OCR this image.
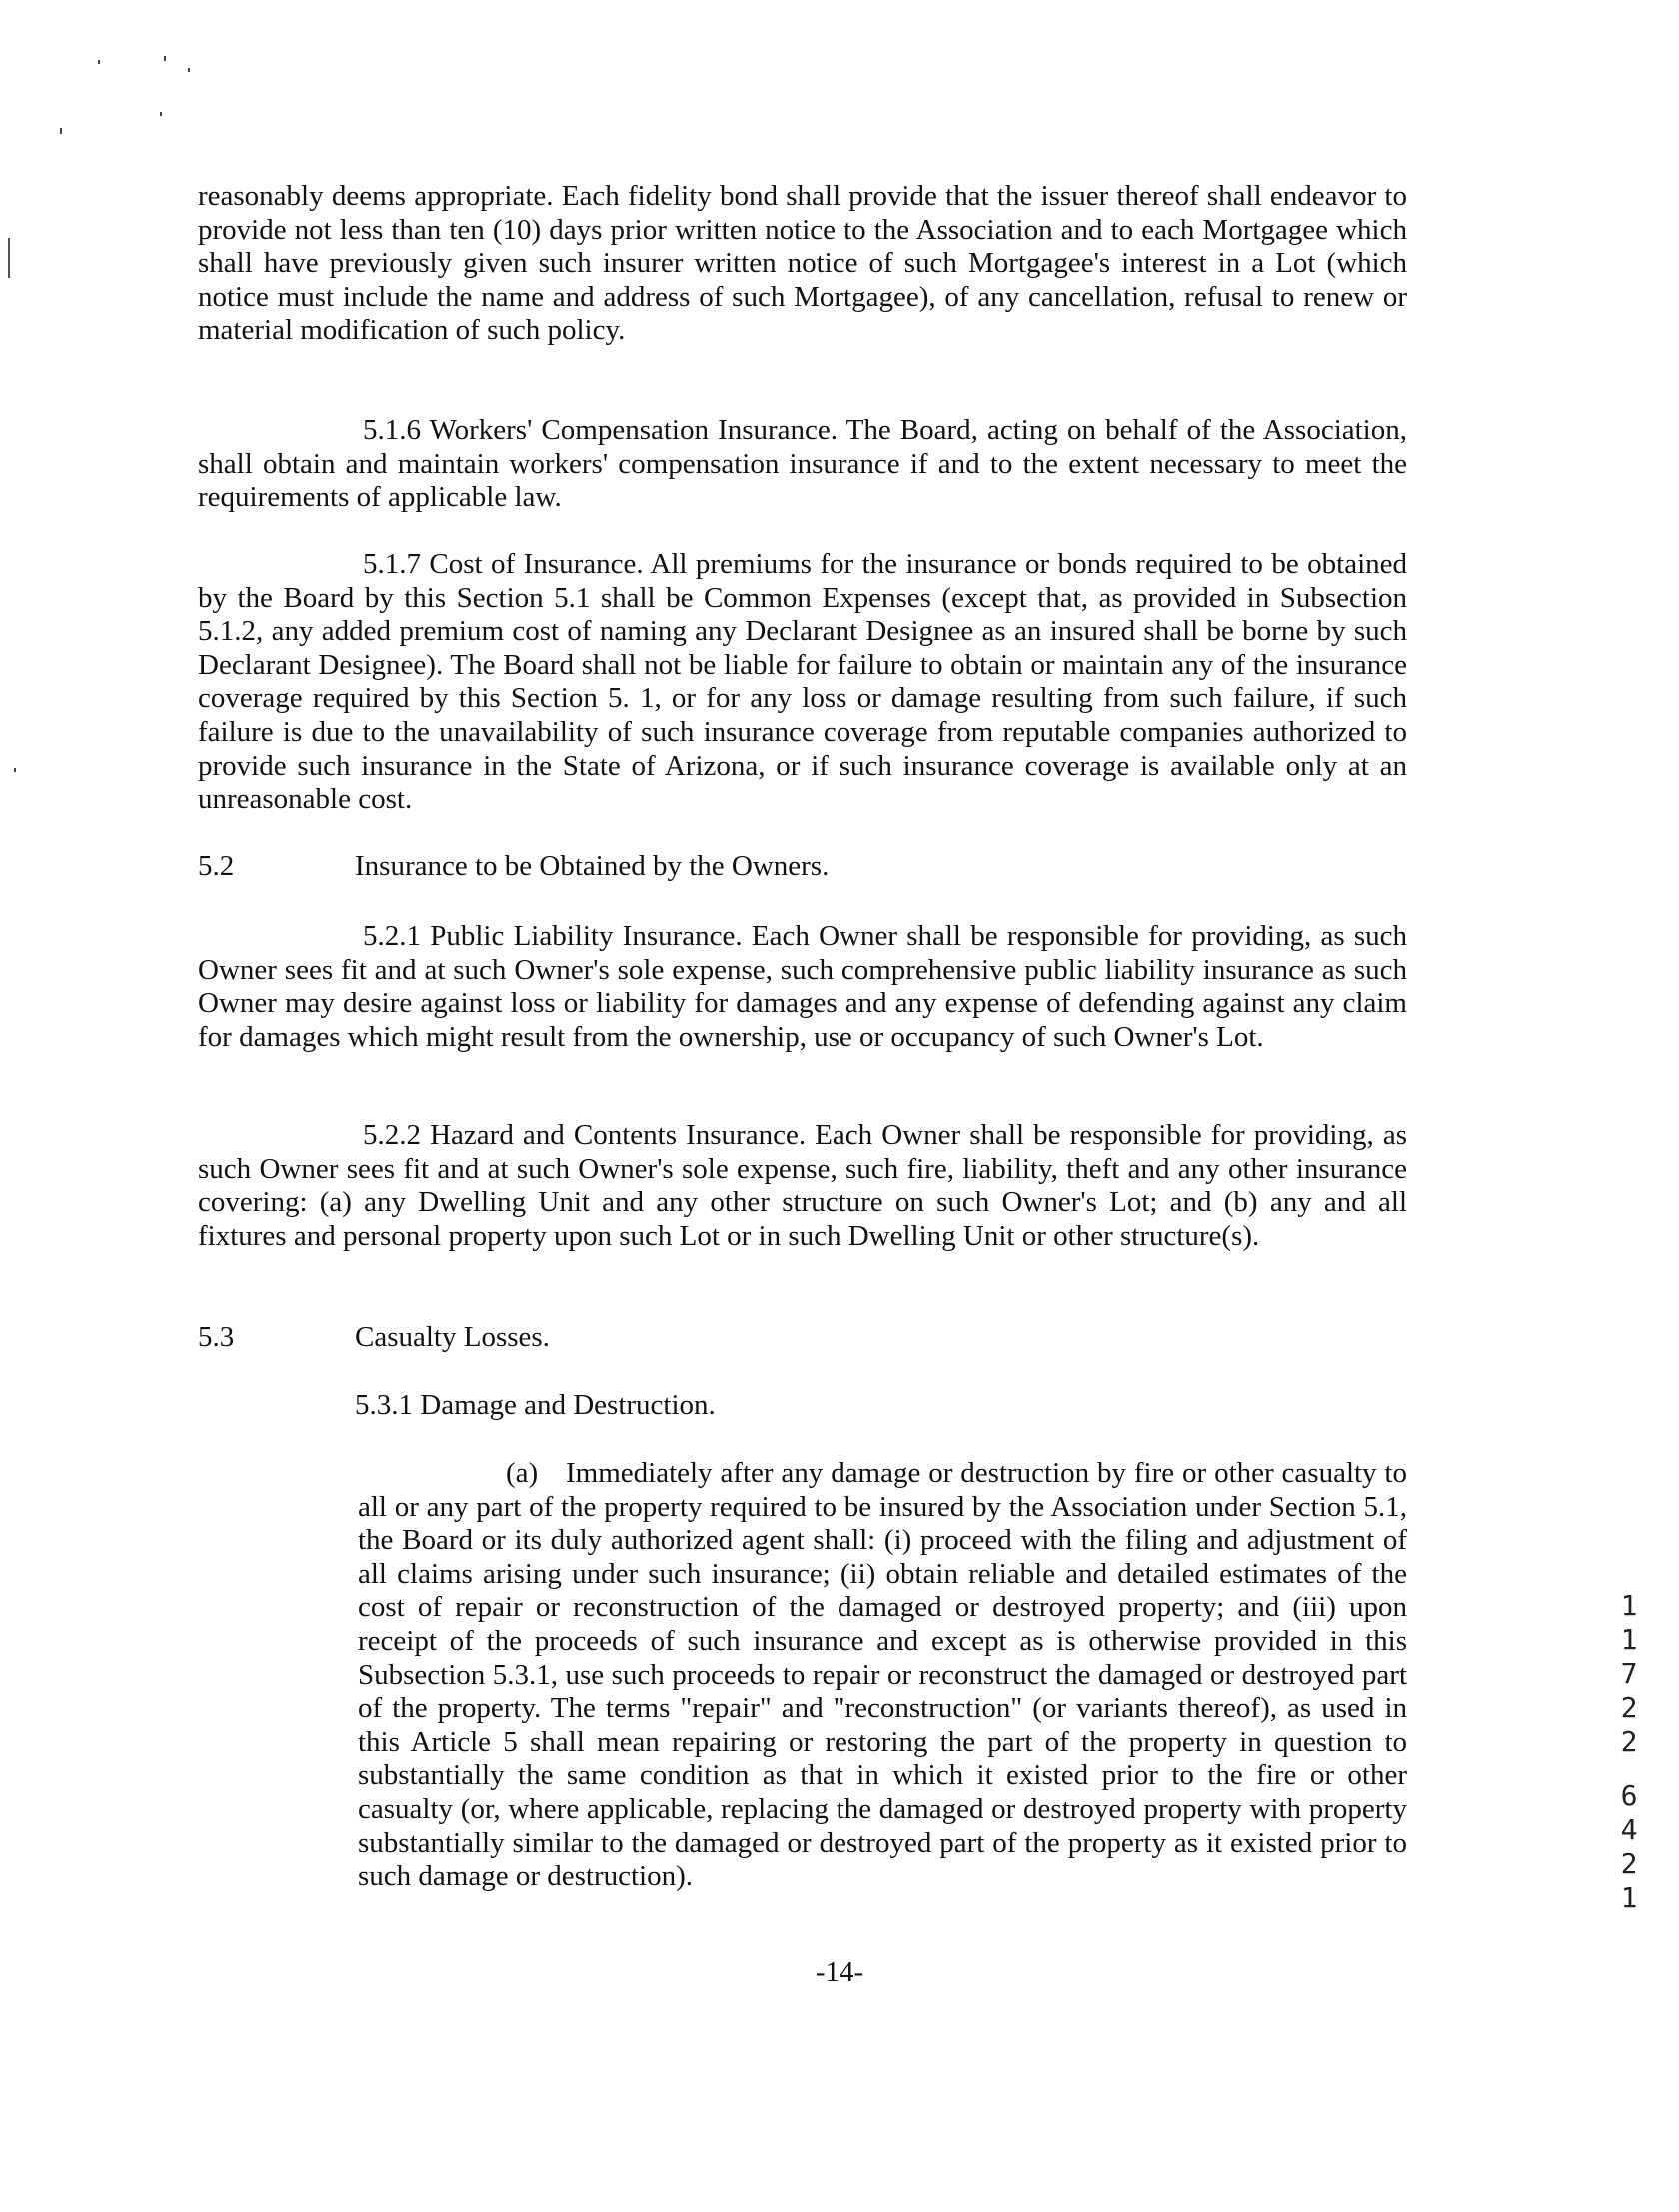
reasonably deems appropriate. Each fidelity bond shall provide that the issuer thereof shall endeavor to provide not less than ten (10) days prior written notice to the Association and to each Mortgagee which shall have previously given such insurer written notice of such Mortgagee's interest in a Lot (which notice must include the name and address of such Mortgagee), of any cancellation, refusal to renew or material modification of such policy.

5.1.6 Workers' Compensation Insurance. The Board, acting on behalf of the Association, shall obtain and maintain workers' compensation insurance if and to the extent necessary to meet the requirements of applicable law.

5.1.7 Cost of Insurance. All premiums for the insurance or bonds required to be obtained by the Board by this Section 5.1 shall be Common Expenses (except that, as provided in Subsection 5.1.2, any added premium cost of naming any Declarant Designee as an insured shall be borne by such Declarant Designee). The Board shall not be liable for failure to obtain or maintain any of the insurance coverage required by this Section 5. 1, or for any loss or damage resulting from such failure, if such failure is due to the unavailability of such insurance coverage from reputable companies authorized to provide such insurance in the State of Arizona, or if such insurance coverage is available only at an unreasonable cost.

5.2	Insurance to be Obtained by the Owners.

5.2.1 Public Liability Insurance. Each Owner shall be responsible for providing, as such Owner sees fit and at such Owner's sole expense, such comprehensive public liability insurance as such Owner may desire against loss or liability for damages and any expense of defending against any claim for damages which might result from the ownership, use or occupancy of such Owner's Lot.

5.2.2 Hazard and Contents Insurance. Each Owner shall be responsible for providing, as such Owner sees fit and at such Owner's sole expense, such fire, liability, theft and any other insurance covering: (a) any Dwelling Unit and any other structure on such Owner's Lot; and (b) any and all fixtures and personal property upon such Lot or in such Dwelling Unit or other structure(s).

5.3	Casualty Losses.
5.3.1 Damage and Destruction.

(a) Immediately after any damage or destruction by fire or other casualty to all or any part of the property required to be insured by the Association under Section 5.1, the Board or its duly authorized agent shall: (i) proceed with the filing and adjustment of all claims arising under such insurance; (ii) obtain reliable and detailed estimates of the cost of repair or reconstruction of the damaged or destroyed property; and (iii) upon receipt of the proceeds of such insurance and except as is otherwise provided in this Subsection 5.3.1, use such proceeds to repair or reconstruct the damaged or destroyed part of the property. The terms "repair" and "reconstruction" (or variants thereof), as used in this Article 5 shall mean repairing or restoring the part of the property in question to substantially the same condition as that in which it existed prior to the fire or other casualty (or, where applicable, replacing the damaged or destroyed property with property substantially similar to the damaged or destroyed part of the property as it existed prior to such damage or destruction).

-14-
1
1
7
2
2
6
4
2
1
